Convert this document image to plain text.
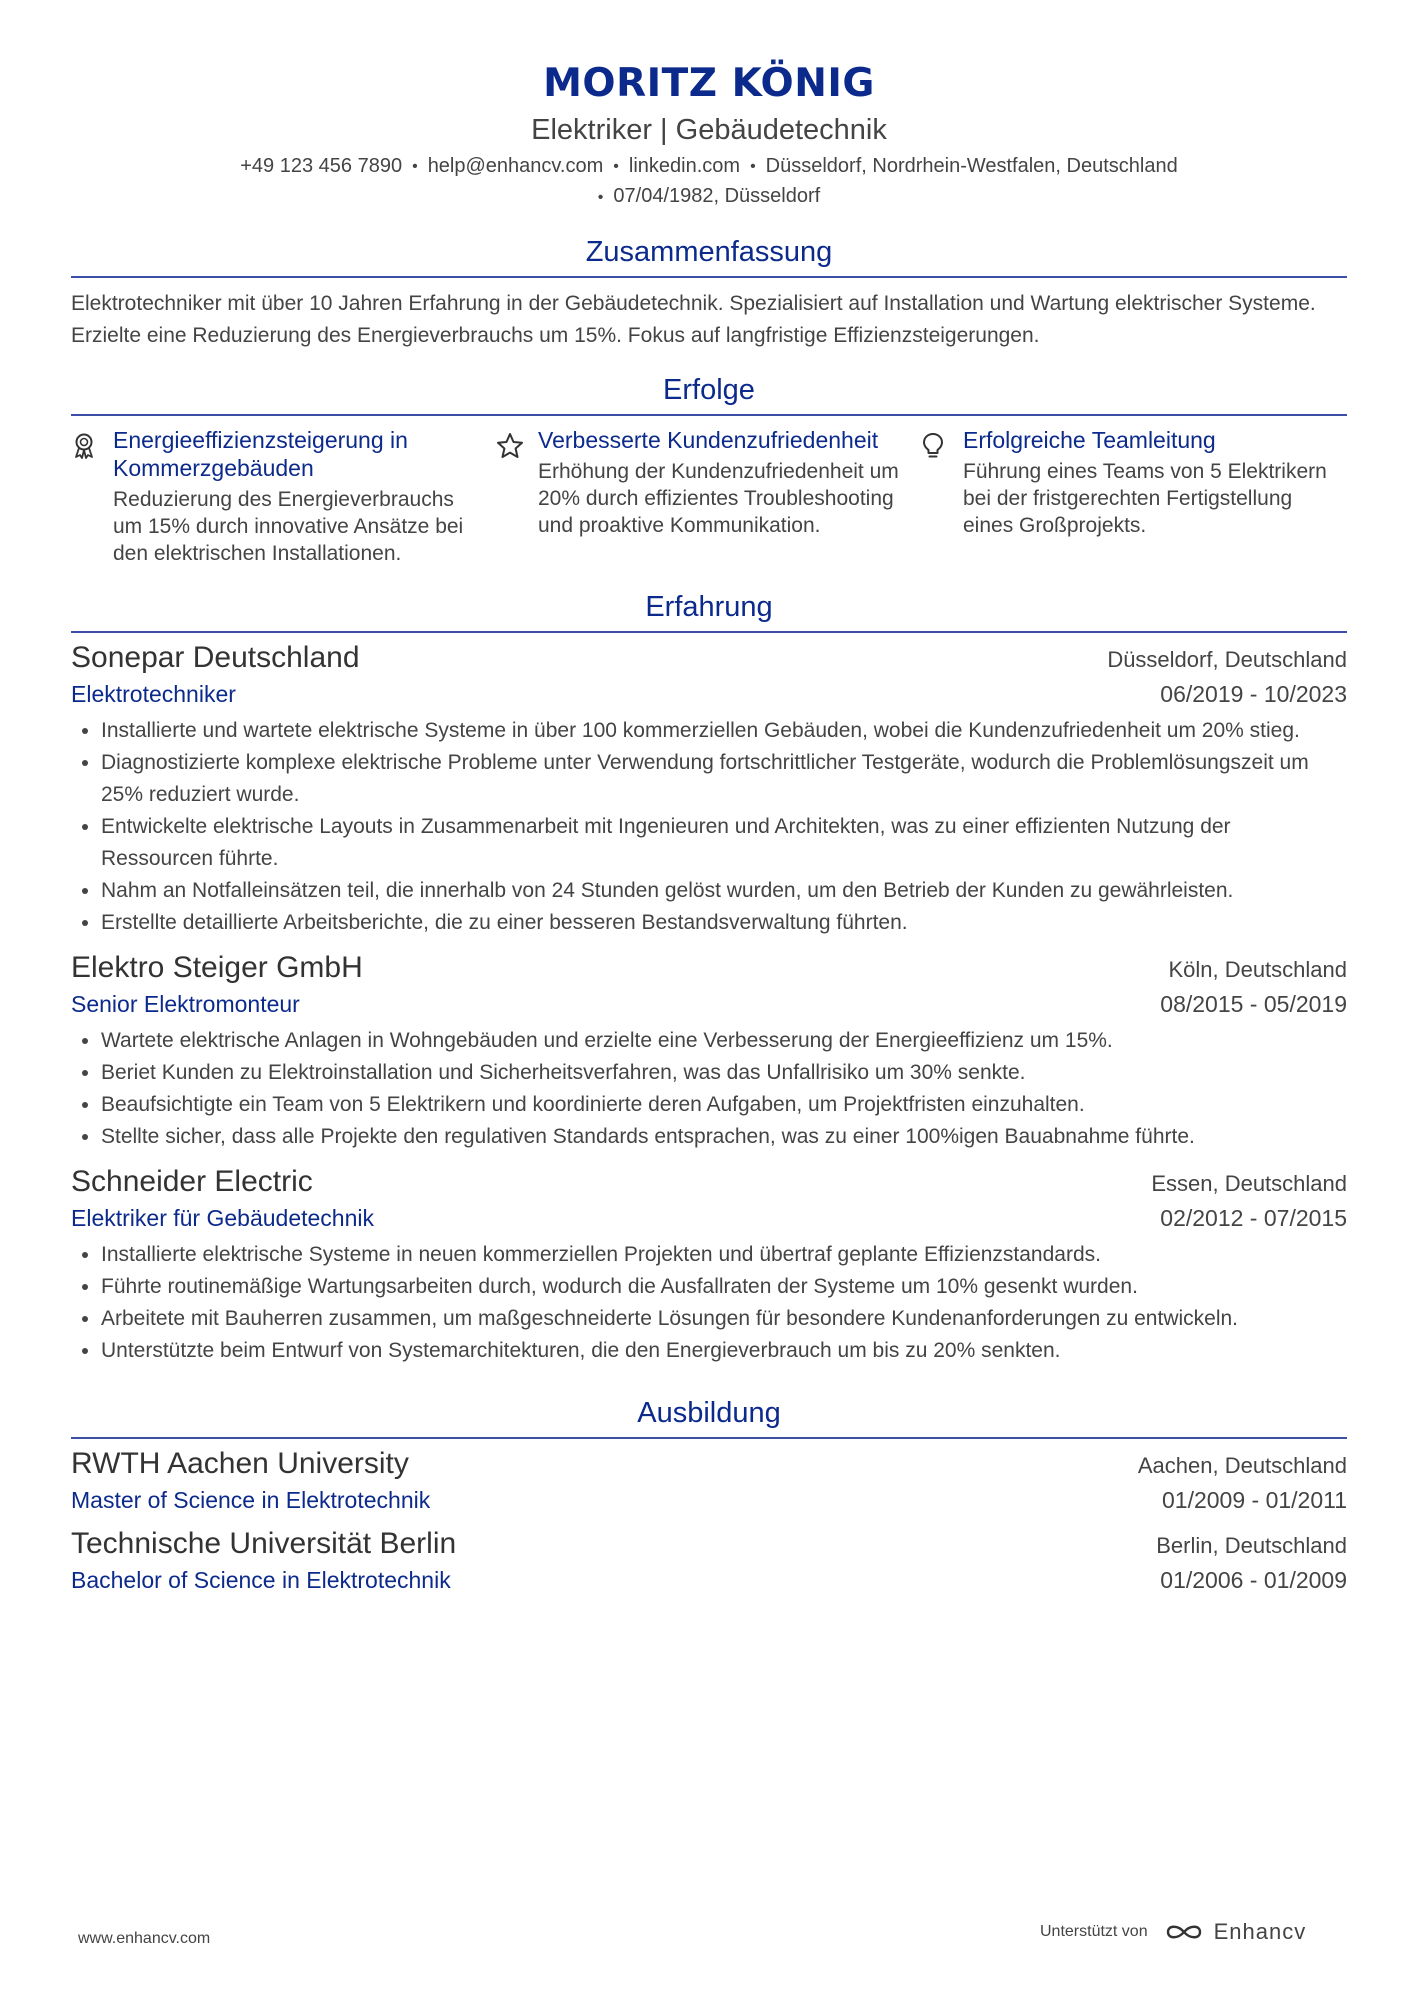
MORITZ KÖNIG
Elektriker | Gebäudetechnik
+49 123 456 7890 • help@enhancv.com • linkedin.com • Düsseldorf, Nordrhein-Westfalen, Deutschland
• 07/04/1982, Düsseldorf
Zusammenfassung
Elektrotechniker mit über 10 Jahren Erfahrung in der Gebäudetechnik. Spezialisiert auf Installation und Wartung elektrischer Systeme. Erzielte eine Reduzierung des Energieverbrauchs um 15%. Fokus auf langfristige Effizienzsteigerungen.
Erfolge
Energieeffizienzsteigerung in Kommerzgebäuden
Reduzierung des Energieverbrauchs um 15% durch innovative Ansätze bei den elektrischen Installationen.
Verbesserte Kundenzufriedenheit
Erhöhung der Kundenzufriedenheit um 20% durch effizientes Troubleshooting und proaktive Kommunikation.
Erfolgreiche Teamleitung
Führung eines Teams von 5 Elektrikern bei der fristgerechten Fertigstellung eines Großprojekts.
Erfahrung
Sonepar Deutschland	Düsseldorf, Deutschland
Elektrotechniker	06/2019 - 10/2023
• Installierte und wartete elektrische Systeme in über 100 kommerziellen Gebäuden, wobei die Kundenzufriedenheit um 20% stieg.
• Diagnostizierte komplexe elektrische Probleme unter Verwendung fortschrittlicher Testgeräte, wodurch die Problemlösungszeit um 25% reduziert wurde.
• Entwickelte elektrische Layouts in Zusammenarbeit mit Ingenieuren und Architekten, was zu einer effizienten Nutzung der Ressourcen führte.
• Nahm an Notfalleinsätzen teil, die innerhalb von 24 Stunden gelöst wurden, um den Betrieb der Kunden zu gewährleisten.
• Erstellte detaillierte Arbeitsberichte, die zu einer besseren Bestandsverwaltung führten.
Elektro Steiger GmbH	Köln, Deutschland
Senior Elektromonteur	08/2015 - 05/2019
• Wartete elektrische Anlagen in Wohngebäuden und erzielte eine Verbesserung der Energieeffizienz um 15%.
• Beriet Kunden zu Elektroinstallation und Sicherheitsverfahren, was das Unfallrisiko um 30% senkte.
• Beaufsichtigte ein Team von 5 Elektrikern und koordinierte deren Aufgaben, um Projektfristen einzuhalten.
• Stellte sicher, dass alle Projekte den regulativen Standards entsprachen, was zu einer 100%igen Bauabnahme führte.
Schneider Electric	Essen, Deutschland
Elektriker für Gebäudetechnik	02/2012 - 07/2015
• Installierte elektrische Systeme in neuen kommerziellen Projekten und übertraf geplante Effizienzstandards.
• Führte routinemäßige Wartungsarbeiten durch, wodurch die Ausfallraten der Systeme um 10% gesenkt wurden.
• Arbeitete mit Bauherren zusammen, um maßgeschneiderte Lösungen für besondere Kundenanforderungen zu entwickeln.
• Unterstützte beim Entwurf von Systemarchitekturen, die den Energieverbrauch um bis zu 20% senkten.
Ausbildung
RWTH Aachen University	Aachen, Deutschland
Master of Science in Elektrotechnik	01/2009 - 01/2011
Technische Universität Berlin	Berlin, Deutschland
Bachelor of Science in Elektrotechnik	01/2006 - 01/2009
www.enhancv.com	Unterstützt von	Enhancv
